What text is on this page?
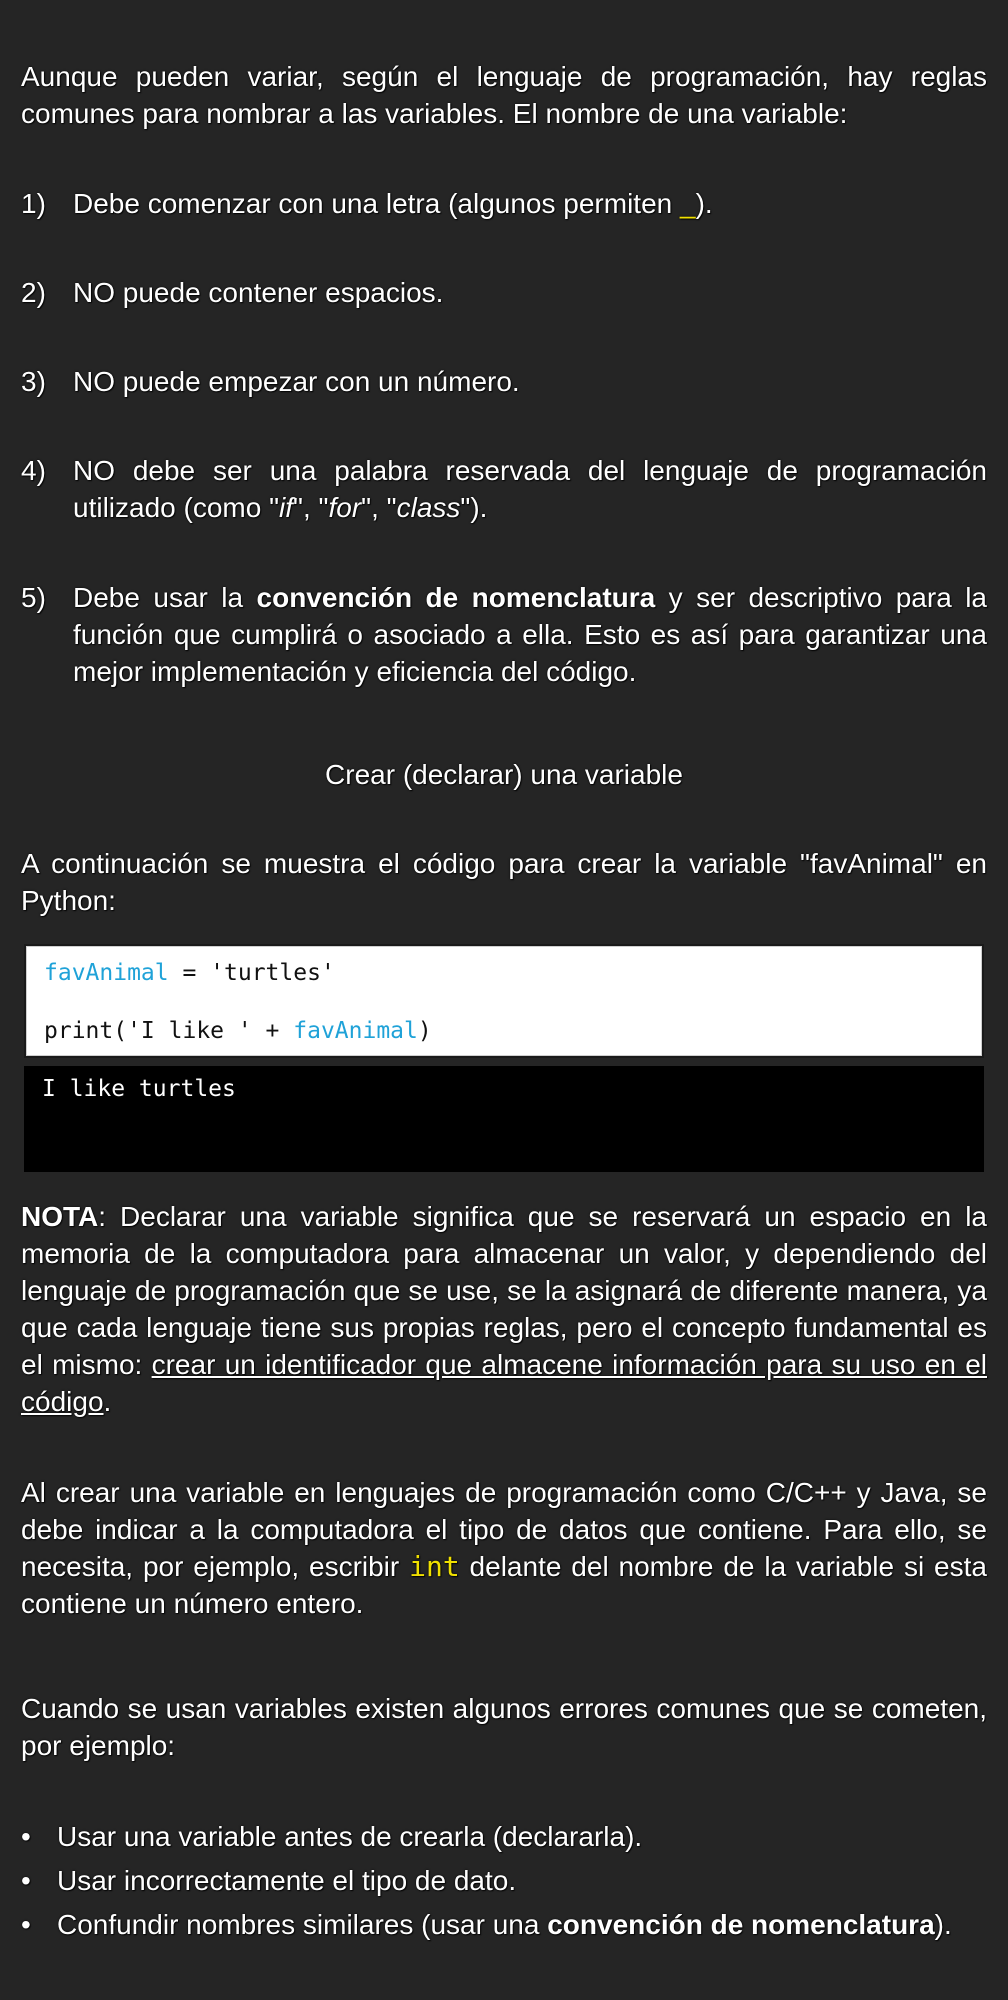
Aunque pueden variar, según el lenguaje de programación, hay reglas comunes para nombrar a las variables. El nombre de una variable:
1) Debe comenzar con una letra (algunos permiten _).
2) NO puede contener espacios.
3) NO puede empezar con un número.
4) NO debe ser una palabra reservada del lenguaje de programación utilizado (como "if", "for", "class").
5) Debe usar la convención de nomenclatura y ser descriptivo para la función que cumplirá o asociado a ella. Esto es así para garantizar una mejor implementación y eficiencia del código.
Crear (declarar) una variable
A continuación se muestra el código para crear la variable "favAnimal" en Python:
favAnimal = 'turtles'
print('I like ' + favAnimal)
I like turtles
NOTA: Declarar una variable significa que se reservará un espacio en la memoria de la computadora para almacenar un valor, y dependiendo del lenguaje de programación que se use, se la asignará de diferente manera, ya que cada lenguaje tiene sus propias reglas, pero el concepto fundamental es el mismo: crear un identificador que almacene información para su uso en el código.
Al crear una variable en lenguajes de programación como C/C++ y Java, se debe indicar a la computadora el tipo de datos que contiene. Para ello, se necesita, por ejemplo, escribir int delante del nombre de la variable si esta contiene un número entero.
Cuando se usan variables existen algunos errores comunes que se cometen, por ejemplo:
• Usar una variable antes de crearla (declararla).
• Usar incorrectamente el tipo de dato.
• Confundir nombres similares (usar una convención de nomenclatura).
